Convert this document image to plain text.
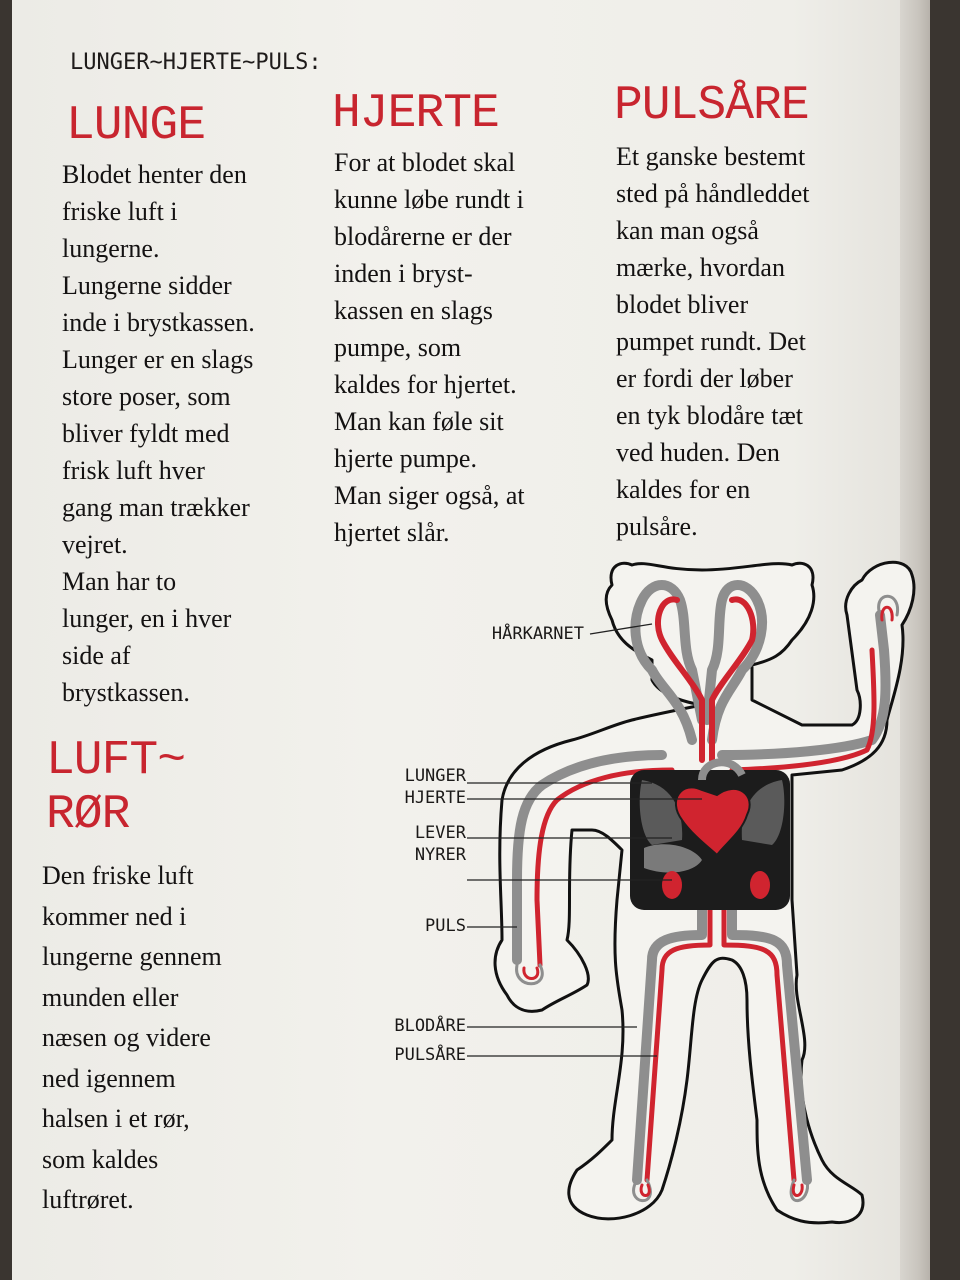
LUNGER~HJERTE~PULS:
LUNGE
Blodet henter den
friske luft i
lungerne.
Lungerne sidder
inde i brystkassen.
Lunger er en slags
store poser, som
bliver fyldt med
frisk luft hver
gang man trækker
vejret.
Man har to
lunger, en i hver
side af
brystkassen.
HJERTE
For at blodet skal
kunne løbe rundt i
blodårerne er der
inden i bryst-
kassen en slags
pumpe, som
kaldes for hjertet.
Man kan føle sit
hjerte pumpe.
Man siger også, at
hjertet slår.
PULSÅRE
Et ganske bestemt
sted på håndleddet
kan man også
mærke, hvordan
blodet bliver
pumpet rundt. Det
er fordi der løber
en tyk blodåre tæt
ved huden. Den
kaldes for en
pulsåre.
LUFT~
RØR
Den friske luft
kommer ned i
lungerne gennem
munden eller
næsen og videre
ned igennem
halsen i et rør,
som kaldes
luftrøret.
HÅRKARNET
LUNGER
HJERTE
LEVER
NYRER
PULS
BLODÅRE
PULSÅRE
